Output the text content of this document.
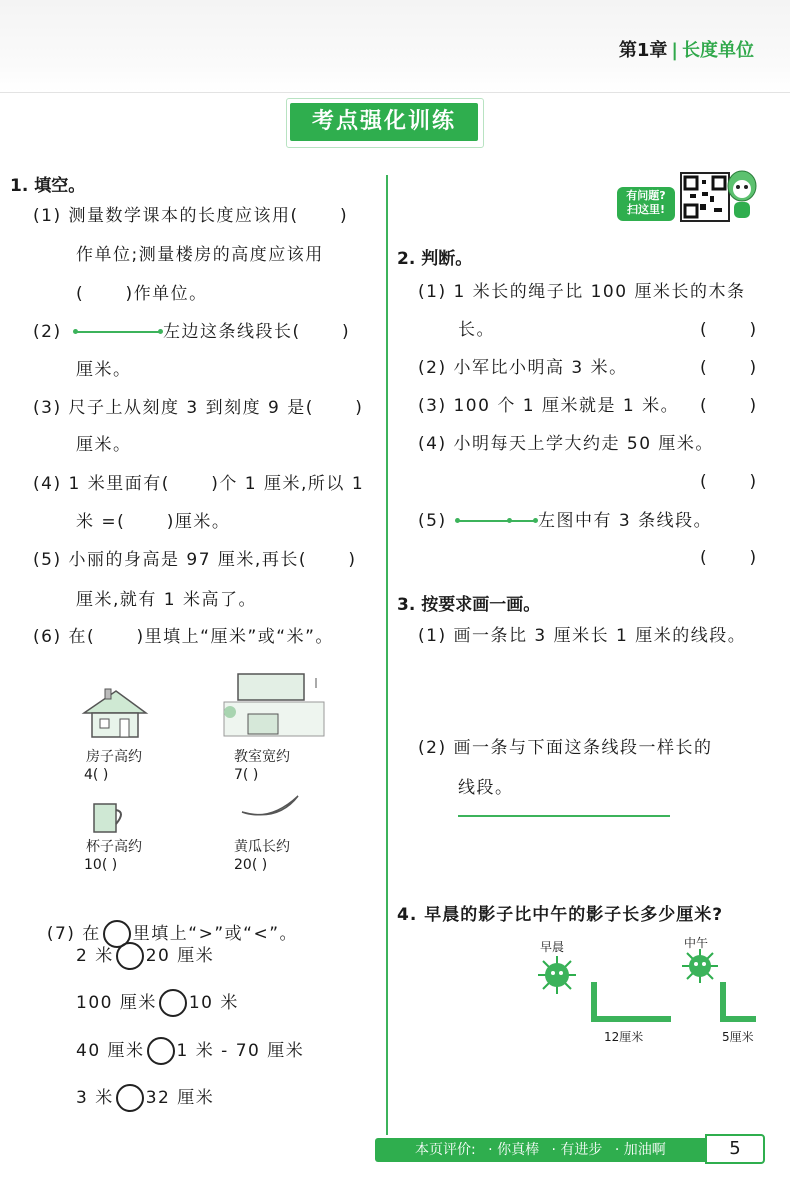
第1章 | 长度单位
考点强化训练
1. 填空。
(1) 测量数学课本的长度应该用(      )
作单位;测量楼房的高度应该用
(      )作单位。
(2)	左边这条线段长(      )
厘米。
(3) 尺子上从刻度 3 到刻度 9 是(      )
厘米。
(4) 1 米里面有(      )个 1 厘米,所以 1
米 =(      )厘米。
(5) 小丽的身高是 97 厘米,再长(      )
厘米,就有 1 米高了。
(6) 在(      )里填上“厘米”或“米”。
房子高约
4( )
教室宽约
7( )
杯子高约
10( )
黄瓜长约
20( )

(7) 在 里填上“>”或“<”。

2 米 20 厘米
100 厘米 10 米
40 厘米 1 米 - 70 厘米
3 米 32 厘米
有问题?
扫这里!
2. 判断。
(1) 1 米长的绳子比 100 厘米长的木条
长。	(      )
(2) 小军比小明高 3 米。	(      )
(3) 100 个 1 厘米就是 1 米。 (      )
(4) 小明每天上学大约走 50 厘米。
(      )
(5)	左图中有 3 条线段。
(      )
3. 按要求画一画。
(1) 画一条比 3 厘米长 1 厘米的线段。
(2) 画一条与下面这条线段一样长的
线段。
4. 早晨的影子比中午的影子长多少厘米?
早晨	中午
12厘米	5厘米
本页评价: · 你真棒 · 有进步 · 加油啊	5
